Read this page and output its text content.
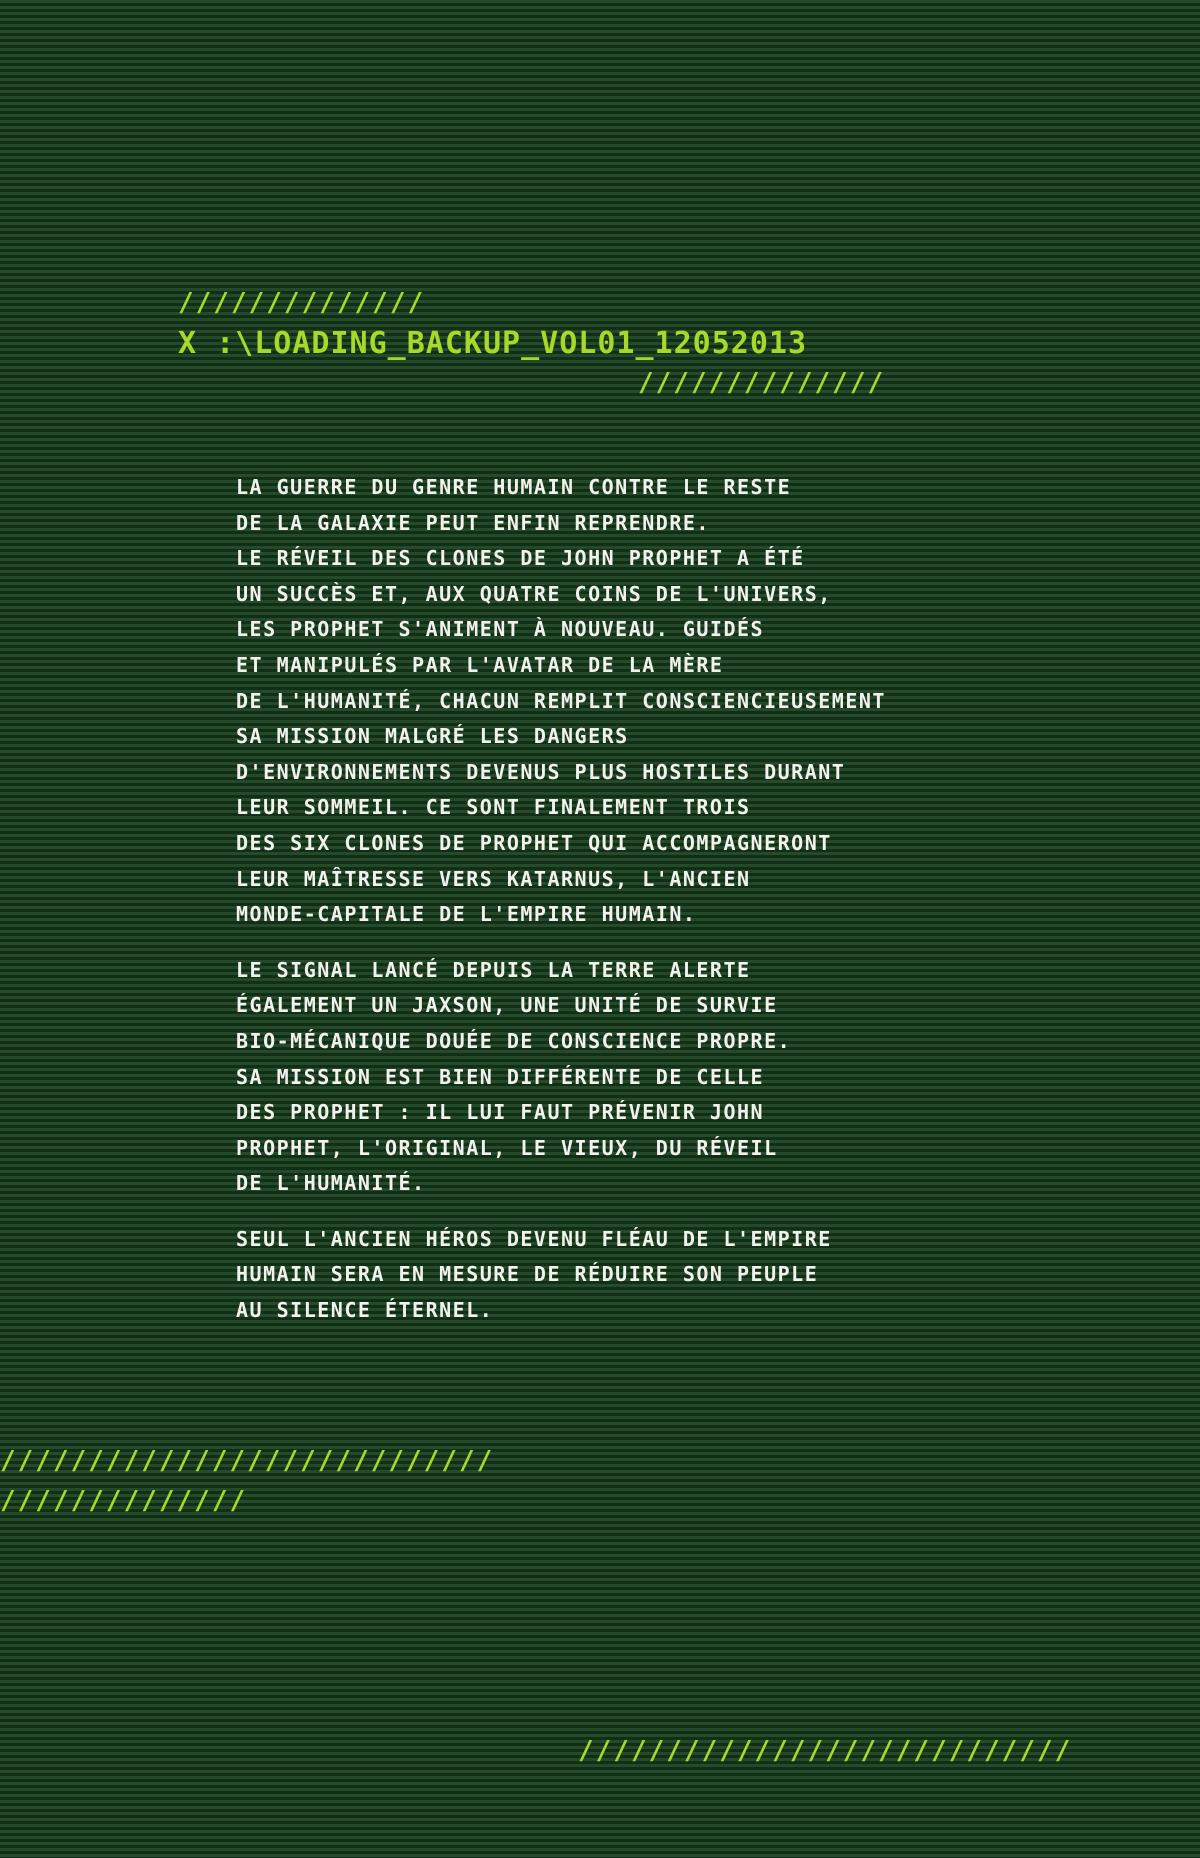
//////////////
X :\LOADING_BACKUP_VOL01_12052013
//////////////
LA GUERRE DU GENRE HUMAIN CONTRE LE RESTE
DE LA GALAXIE PEUT ENFIN REPRENDRE.
LE RÉVEIL DES CLONES DE JOHN PROPHET A ÉTÉ
UN SUCCÈS ET, AUX QUATRE COINS DE L'UNIVERS,
LES PROPHET S'ANIMENT À NOUVEAU. GUIDÉS
ET MANIPULÉS PAR L'AVATAR DE LA MÈRE
DE L'HUMANITÉ, CHACUN REMPLIT CONSCIENCIEUSEMENT
SA MISSION MALGRÉ LES DANGERS
D'ENVIRONNEMENTS DEVENUS PLUS HOSTILES DURANT
LEUR SOMMEIL. CE SONT FINALEMENT TROIS
DES SIX CLONES DE PROPHET QUI ACCOMPAGNERONT
LEUR MAÎTRESSE VERS KATARNUS, L'ANCIEN
MONDE-CAPITALE DE L'EMPIRE HUMAIN.
LE SIGNAL LANCÉ DEPUIS LA TERRE ALERTE
ÉGALEMENT UN JAXSON, UNE UNITÉ DE SURVIE
BIO-MÉCANIQUE DOUÉE DE CONSCIENCE PROPRE.
SA MISSION EST BIEN DIFFÉRENTE DE CELLE
DES PROPHET : IL LUI FAUT PRÉVENIR JOHN
PROPHET, L'ORIGINAL, LE VIEUX, DU RÉVEIL
DE L'HUMANITÉ.
SEUL L'ANCIEN HÉROS DEVENU FLÉAU DE L'EMPIRE
HUMAIN SERA EN MESURE DE RÉDUIRE SON PEUPLE
AU SILENCE ÉTERNEL.
////////////////////////////
//////////////
////////////////////////////
